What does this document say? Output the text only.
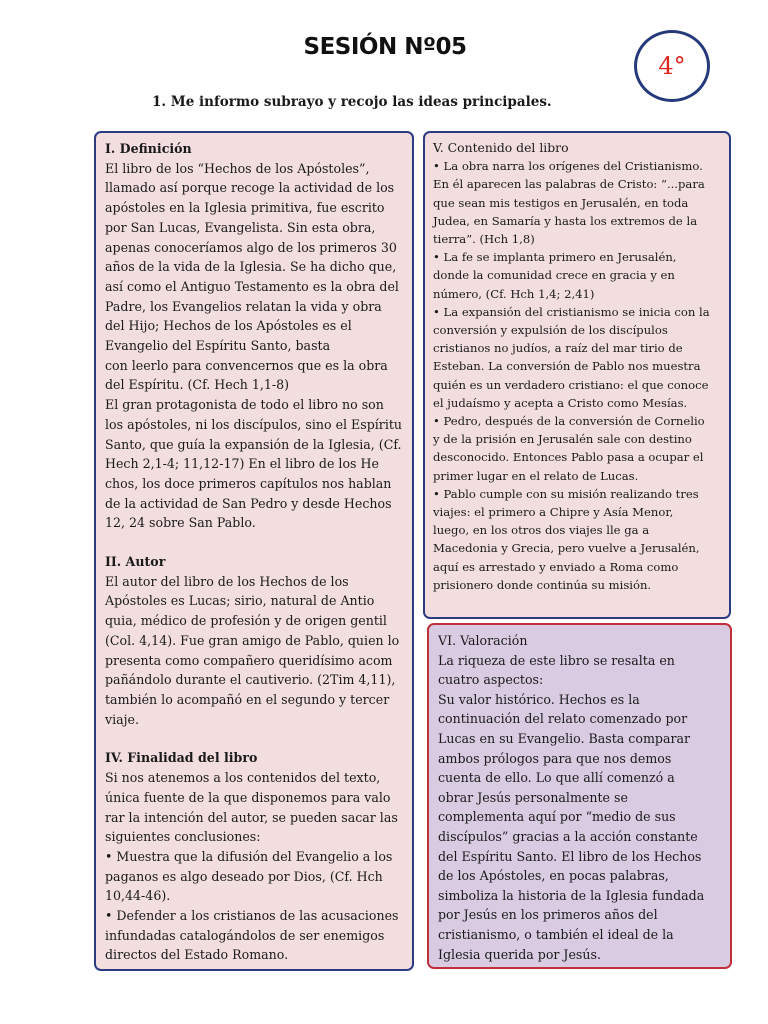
SESIÓN Nº05
4°
1. Me informo subrayo y recojo las ideas principales.

I. Definición

El libro de los “Hechos de los Apóstoles”,

llamado así porque recoge la actividad de los

apóstoles en la Iglesia primitiva, fue escrito

por San Lucas, Evangelista. Sin esta obra,

apenas conoceríamos algo de los primeros 30

años de la vida de la Iglesia. Se ha dicho que,

así como el Antiguo Testamento es la obra del

Padre, los Evangelios relatan la vida y obra

del Hijo; Hechos de los Apóstoles es el

Evangelio del Espíritu Santo, basta

con leerlo para convencernos que es la obra

del Espíritu. (Cf. Hech 1,1-8)

El gran protagonista de todo el libro no son

los apóstoles, ni los discípulos, sino el Espíritu

Santo, que guía la expansión de la Iglesia, (Cf.

Hech 2,1-4; 11,12-17) En el libro de los He

chos, los doce primeros capítulos nos hablan

de la actividad de San Pedro y desde Hechos

12, 24 sobre San Pablo.

II. Autor

El autor del libro de los Hechos de los

Apóstoles es Lucas; sirio, natural de Antio

quia, médico de profesión y de origen gentil

(Col. 4,14). Fue gran amigo de Pablo, quien lo

presenta como compañero queridísimo acom

pañándolo durante el cautiverio. (2Tim 4,11),

también lo acompañó en el segundo y tercer

viaje.

IV. Finalidad del libro

Si nos atenemos a los contenidos del texto,

única fuente de la que disponemos para valo

rar la intención del autor, se pueden sacar las

siguientes conclusiones:

• Muestra que la difusión del Evangelio a los

paganos es algo deseado por Dios, (Cf. Hch

10,44-46).

• Defender a los cristianos de las acusaciones

infundadas catalogándolos de ser enemigos

directos del Estado Romano.

V. Contenido del libro

• La obra narra los orígenes del Cristianismo.

En él aparecen las palabras de Cristo: “...para

que sean mis testigos en Jerusalén, en toda

Judea, en Samaría y hasta los extremos de la

tierra”. (Hch 1,8)

• La fe se implanta primero en Jerusalén,

donde la comunidad crece en gracia y en

número, (Cf. Hch 1,4; 2,41)

• La expansión del cristianismo se inicia con la

conversión y expulsión de los discípulos

cristianos no judíos, a raíz del mar tirio de

Esteban. La conversión de Pablo nos muestra

quién es un verdadero cristiano: el que conoce

el judaísmo y acepta a Cristo como Mesías.

• Pedro, después de la conversión de Cornelio

y de la prisión en Jerusalén sale con destino

desconocido. Entonces Pablo pasa a ocupar el

primer lugar en el relato de Lucas.

• Pablo cumple con su misión realizando tres

viajes: el primero a Chipre y Asía Menor,

luego, en los otros dos viajes lle ga a

Macedonia y Grecia, pero vuelve a Jerusalén,

aquí es arrestado y enviado a Roma como

prisionero donde continúa su misión.

VI. Valoración

La riqueza de este libro se resalta en

cuatro aspectos:

Su valor histórico. Hechos es la

continuación del relato comenzado por

Lucas en su Evangelio. Basta comparar

ambos prólogos para que nos demos

cuenta de ello. Lo que allí comenzó a

obrar Jesús personalmente se

complementa aquí por “medio de sus

discípulos” gracias a la acción constante

del Espíritu Santo. El libro de los Hechos

de los Apóstoles, en pocas palabras,

simboliza la historia de la Iglesia fundada

por Jesús en los primeros años del

cristianismo, o también el ideal de la

Iglesia querida por Jesús.
